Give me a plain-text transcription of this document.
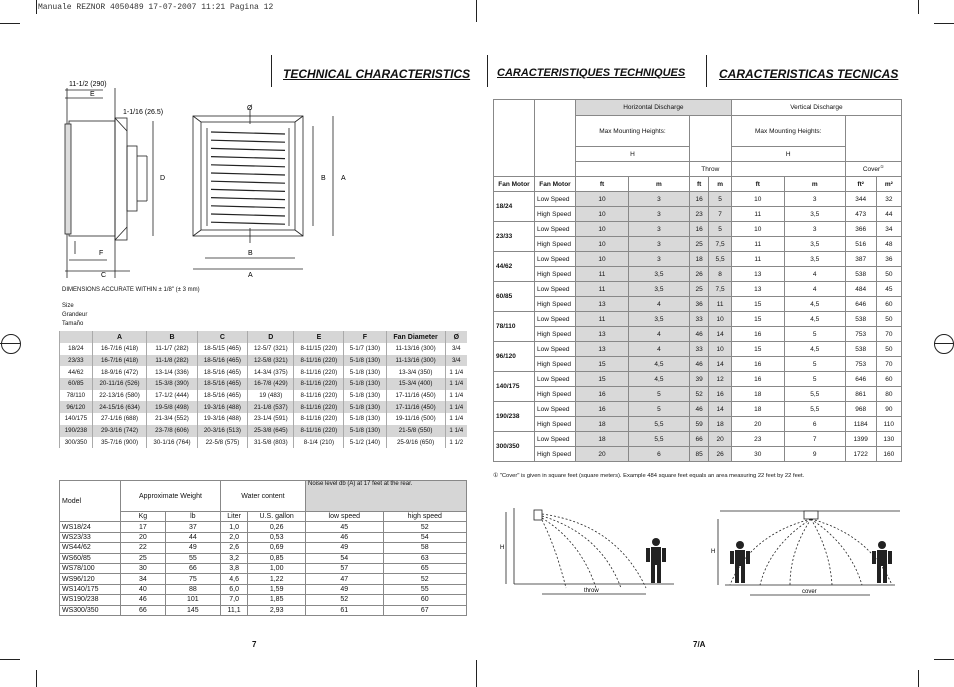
Manuale REZNOR 4050489 17-07-2007 11:21 Pagina 12
TECHNICAL CHARACTERISTICS CARACTERISTIQUES TECHNIQUES	CARACTERISTICAS TECNICAS
11-1/2 (290)
E
1-1/16 (26.5)
D
F
C
Ø
B A
B
A
DIMENSIONS ACCURATE WITHIN ± 1/8" (± 3 mm)
Size
Grandeur
Tamaño
	A	B	C	D	E	F	Fan Diameter	Ø
18/24	16-7/16 (418)	11-1/7 (282)	18-5/15 (465)	12-5/7 (321)	8-11/15 (220)	5-1/7 (130)	11-13/16 (300)	3/4
23/33	16-7/16 (418)	11-1/8 (282)	18-5/16 (465)	12-5/8 (321)	8-11/16 (220)	5-1/8 (130)	11-13/16 (300)	3/4
44/62	18-9/16 (472)	13-1/4 (336)	18-5/16 (465)	14-3/4 (375)	8-11/16 (220)	5-1/8 (130)	13-3/4 (350)	1 1/4
60/85	20-11/16 (526)	15-3/8 (390)	18-5/16 (465)	16-7/8 (429)	8-11/16 (220)	5-1/8 (130)	15-3/4 (400)	1 1/4
78/110	22-13/16 (580)	17-1/2 (444)	18-5/16 (465)	19 (483)	8-11/16 (220)	5-1/8 (130)	17-11/16 (450)	1 1/4
96/120	24-15/16 (634)	19-5/8 (498)	19-3/16 (488)	21-1/8 (537)	8-11/16 (220)	5-1/8 (130)	17-11/16 (450)	1 1/4
140/175	27-1/16 (688)	21-3/4 (552)	19-3/16 (488)	23-1/4 (591)	8-11/16 (220)	5-1/8 (130)	19-11/16 (500)	1 1/4
190/238	29-3/16 (742)	23-7/8 (606)	20-3/16 (513)	25-3/8 (645)	8-11/16 (220)	5-1/8 (130)	21-5/8 (550)	1 1/4
300/350	35-7/16 (900)	30-1/16 (764)	22-5/8 (575)	31-5/8 (803)	8-1/4 (210)	5-1/2 (140)	25-9/16 (650)	1 1/2
Model	Approximate Weight		Water content		Noise level db (A) at 17 feet at the rear.	
	Kg	lb	Liter	U.S. gallon	low speed	high speed
WS18/24	17	37	1,0	0,26	45	52
WS23/33	20	44	2,0	0,53	46	54
WS44/62	22	49	2,6	0,69	49	58
WS60/85	25	55	3,2	0,85	54	63
WS78/100	30	66	3,8	1,00	57	65
WS96/120	34	75	4,6	1,22	47	52
WS140/175	40	88	6,0	1,59	49	55
WS190/238	46	101	7,0	1,85	52	60
WS300/350	66	145	11,1	2,93	61	67
		Horizontal Discharge				Vertical Discharge			
		Max Mounting Heights:				Max Mounting Heights:			
		H				H			
				Throw				Cover①
Fan Motor	Fan Motor	ft	m	ft	m	ft	m	ft²	m²
18/24	Low Speed	10	3	16	5	10	3	344	32
	High Speed	10	3	23	7	11	3,5	473	44
23/33	Low Speed	10	3	16	5	10	3	366	34
	High Speed	10	3	25	7,5	11	3,5	516	48
44/62	Low Speed	10	3	18	5,5	11	3,5	387	36
	High Speed	11	3,5	26	8	13	4	538	50
60/85	Low Speed	11	3,5	25	7,5	13	4	484	45
	High Speed	13	4	36	11	15	4,5	646	60
78/110	Low Speed	11	3,5	33	10	15	4,5	538	50
	High Speed	13	4	46	14	16	5	753	70
96/120	Low Speed	13	4	33	10	15	4,5	538	50
	High Speed	15	4,5	46	14	16	5	753	70
140/175	Low Speed	15	4,5	39	12	16	5	646	60
	High Speed	16	5	52	16	18	5,5	861	80
190/238	Low Speed	16	5	46	14	18	5,5	968	90
	High Speed	18	5,5	59	18	20	6	1184	110
300/350	Low Speed	18	5,5	66	20	23	7	1399	130
	High Speed	20	6	85	26	30	9	1722	160
① "Cover" is given in square feet (square meters). Example 484 square feet equals an area measuring 22 feet by 22 feet.
H
throw
H
cover
7	7/A
